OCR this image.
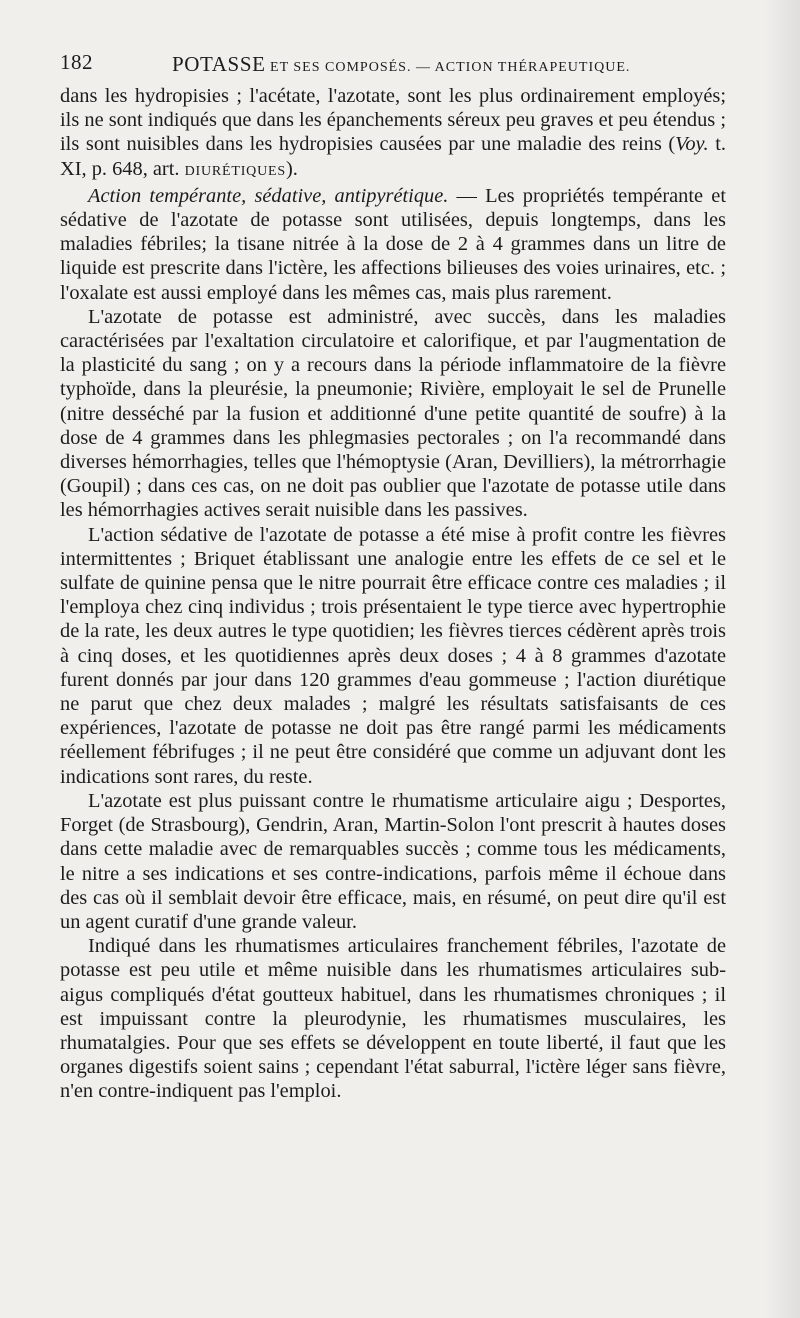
182	POTASSE ET SES COMPOSÉS. — ACTION THÉRAPEUTIQUE.

dans les hydropisies ; l'acétate, l'azotate, sont les plus ordinairement employés; ils ne sont indiqués que dans les épanchements séreux peu graves et peu étendus ; ils sont nuisibles dans les hydropisies causées par une maladie des reins (Voy. t. XI, p. 648, art. DIURÉTIQUES).

Action tempérante, sédative, antipyrétique. — Les propriétés tempérante et sédative de l'azotate de potasse sont utilisées, depuis longtemps, dans les maladies fébriles; la tisane nitrée à la dose de 2 à 4 grammes dans un litre de liquide est prescrite dans l'ictère, les affections bilieuses des voies urinaires, etc. ; l'oxalate est aussi employé dans les mêmes cas, mais plus rarement.

L'azotate de potasse est administré, avec succès, dans les maladies caractérisées par l'exaltation circulatoire et calorifique, et par l'augmentation de la plasticité du sang ; on y a recours dans la période inflammatoire de la fièvre typhoïde, dans la pleurésie, la pneumonie; Rivière, employait le sel de Prunelle (nitre desséché par la fusion et additionné d'une petite quantité de soufre) à la dose de 4 grammes dans les phlegmasies pectorales ; on l'a recommandé dans diverses hémorrhagies, telles que l'hémoptysie (Aran, Devilliers), la métrorrhagie (Goupil) ; dans ces cas, on ne doit pas oublier que l'azotate de potasse utile dans les hémorrhagies actives serait nuisible dans les passives.

L'action sédative de l'azotate de potasse a été mise à profit contre les fièvres intermittentes ; Briquet établissant une analogie entre les effets de ce sel et le sulfate de quinine pensa que le nitre pourrait être efficace contre ces maladies ; il l'employa chez cinq individus ; trois présentaient le type tierce avec hypertrophie de la rate, les deux autres le type quotidien; les fièvres tierces cédèrent après trois à cinq doses, et les quotidiennes après deux doses ; 4 à 8 grammes d'azotate furent donnés par jour dans 120 grammes d'eau gommeuse ; l'action diurétique ne parut que chez deux malades ; malgré les résultats satisfaisants de ces expériences, l'azotate de potasse ne doit pas être rangé parmi les médicaments réellement fébrifuges ; il ne peut être considéré que comme un adjuvant dont les indications sont rares, du reste.

L'azotate est plus puissant contre le rhumatisme articulaire aigu ; Desportes, Forget (de Strasbourg), Gendrin, Aran, Martin-Solon l'ont prescrit à hautes doses dans cette maladie avec de remarquables succès ; comme tous les médicaments, le nitre a ses indications et ses contre-indications, parfois même il échoue dans des cas où il semblait devoir être efficace, mais, en résumé, on peut dire qu'il est un agent curatif d'une grande valeur.

Indiqué dans les rhumatismes articulaires franchement fébriles, l'azotate de potasse est peu utile et même nuisible dans les rhumatismes articulaires sub-aigus compliqués d'état goutteux habituel, dans les rhumatismes chroniques ; il est impuissant contre la pleurodynie, les rhumatismes musculaires, les rhumatalgies. Pour que ses effets se développent en toute liberté, il faut que les organes digestifs soient sains ; cependant l'état saburral, l'ictère léger sans fièvre, n'en contre-indiquent pas l'emploi.
